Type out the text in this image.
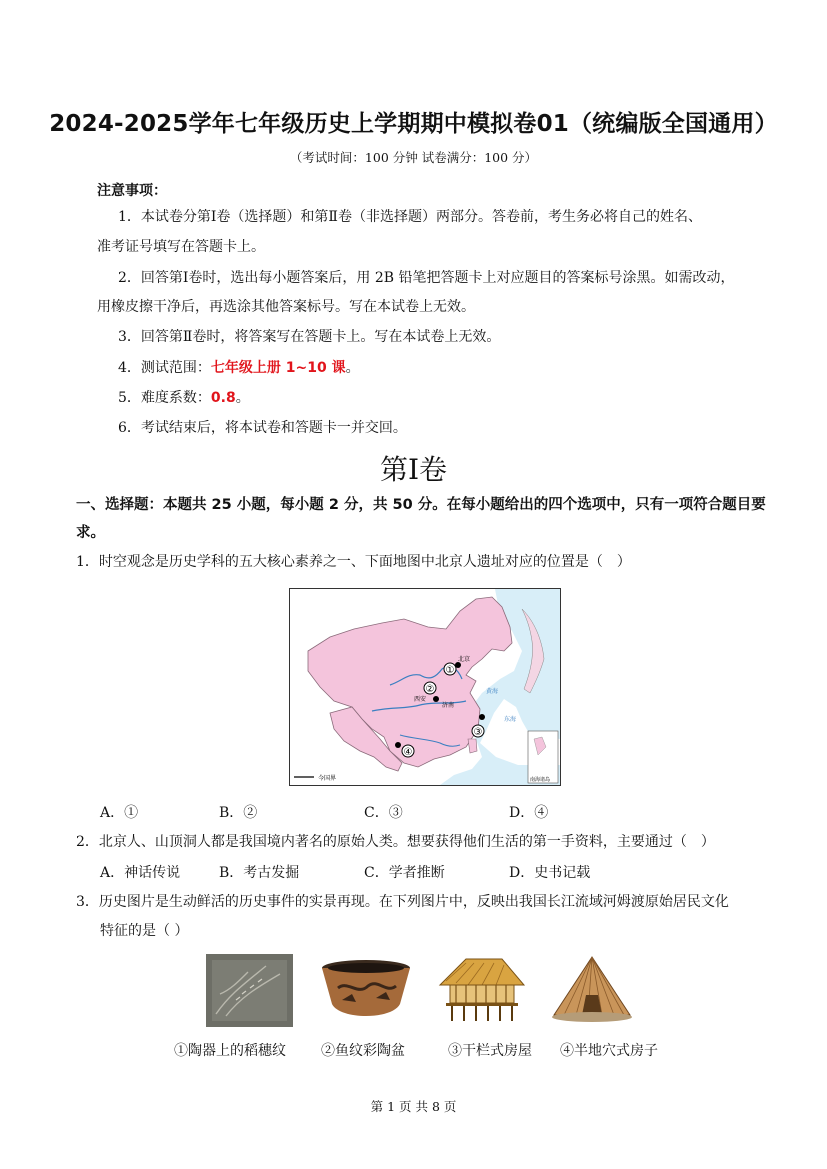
2024-2025学年七年级历史上学期期中模拟卷01（统编版全国通用）
（考试时间：100 分钟 试卷满分：100 分）
注意事项：
1．本试卷分第Ⅰ卷（选择题）和第Ⅱ卷（非选择题）两部分。答卷前，考生务必将自己的姓名、
准考证号填写在答题卡上。
2．回答第Ⅰ卷时，选出每小题答案后，用 2B 铅笔把答题卡上对应题目的答案标号涂黑。如需改动，
用橡皮擦干净后，再选涂其他答案标号。写在本试卷上无效。
3．回答第Ⅱ卷时，将答案写在答题卡上。写在本试卷上无效。
4．测试范围：七年级上册 1~10 课。
5．难度系数：0.8。
6．考试结束后，将本试卷和答题卡一并交回。
第Ⅰ卷
一、选择题：本题共 25 小题，每小题 2 分，共 50 分。在每小题给出的四个选项中，只有一项符合题目要
求。
1．时空观念是历史学科的五大核心素养之一、下面地图中北京人遗址对应的位置是（　）
①
②
③
④
北京
西安
济南
黄海
东海
南海诸岛
今国界
A．①	B．②	C．③	D．④
2．北京人、山顶洞人都是我国境内著名的原始人类。想要获得他们生活的第一手资料，主要通过（　）
A．神话传说	B．考古发掘	C．学者推断	D．史书记载
3．历史图片是生动鲜活的历史事件的实景再现。在下列图片中，反映出我国长江流域河姆渡原始居民文化
特征的是（ ）
①陶器上的稻穗纹	②鱼纹彩陶盆	③干栏式房屋 ④半地穴式房子
第 1 页 共 8 页
